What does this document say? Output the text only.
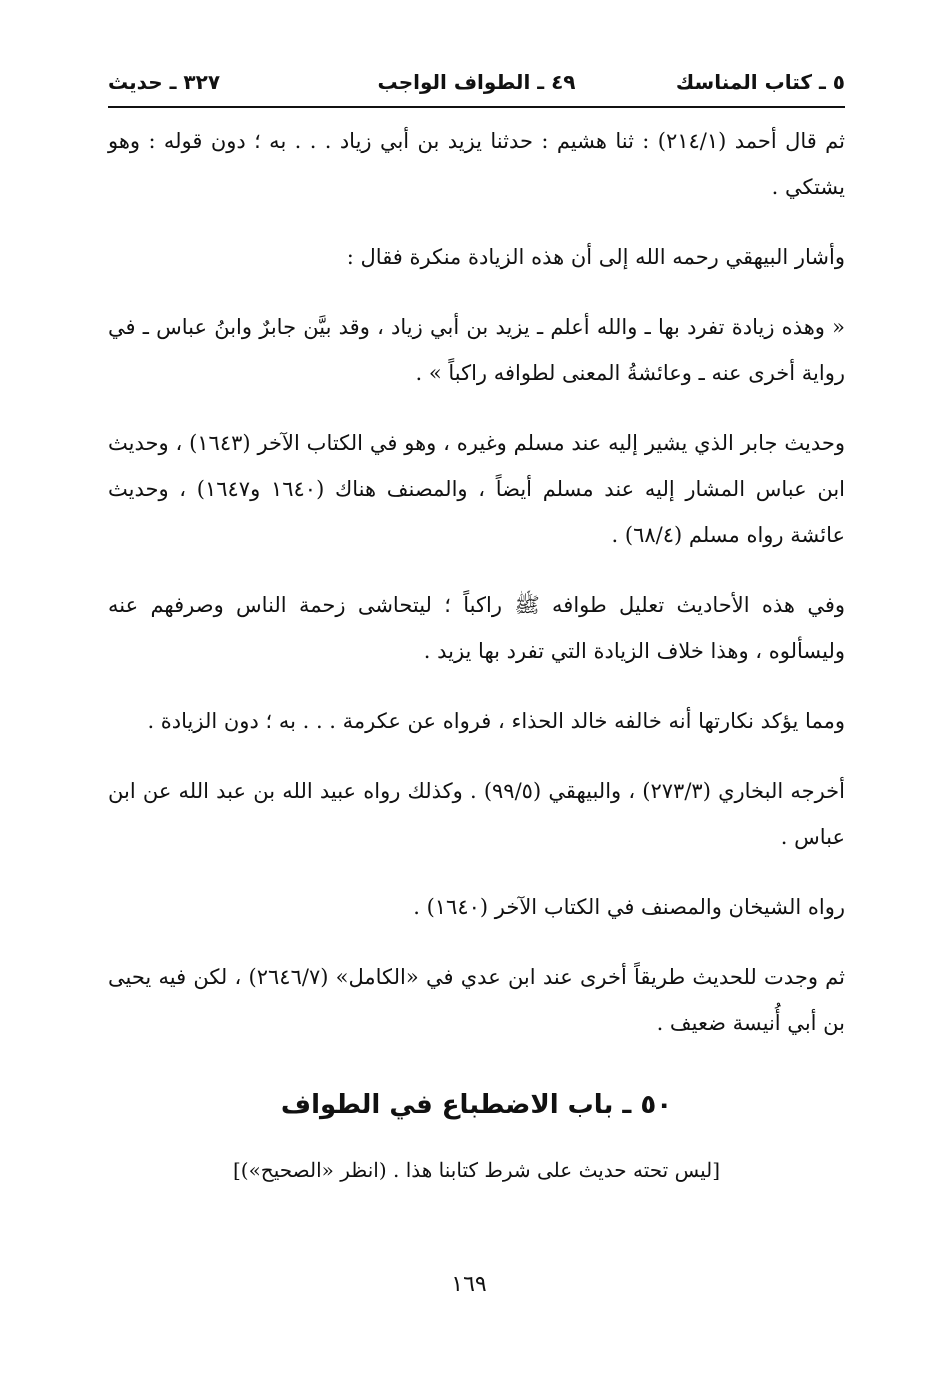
٥ ـ كتاب المناسك
٤٩ ـ الطواف الواجب
٣٢٧ ـ حديث

ثم قال أحمد (٢١٤/١) : ثنا هشيم : حدثنا يزيد بن أبي زياد . . . به ؛ دون قوله : وهو يشتكي .

وأشار البيهقي رحمه الله إلى أن هذه الزيادة منكرة فقال :

« وهذه زيادة تفرد بها ـ والله أعلم ـ يزيد بن أبي زياد ، وقد بيَّن جابرٌ وابنُ عباس ـ في رواية أخرى عنه ـ وعائشةُ المعنى لطوافه راكباً » .

وحديث جابر الذي يشير إليه عند مسلم وغيره ، وهو في الكتاب الآخر (١٦٤٣) ، وحديث ابن عباس المشار إليه عند مسلم أيضاً ، والمصنف هناك (١٦٤٠ و١٦٤٧) ، وحديث عائشة رواه مسلم (٦٨/٤) .

وفي هذه الأحاديث تعليل طوافه ﷺ راكباً ؛ ليتحاشى زحمة الناس وصرفهم عنه وليسألوه ، وهذا خلاف الزيادة التي تفرد بها يزيد .

ومما يؤكد نكارتها أنه خالفه خالد الحذاء ، فرواه عن عكرمة . . . به ؛ دون الزيادة .

أخرجه البخاري (٢٧٣/٣) ، والبيهقي (٩٩/٥) . وكذلك رواه عبيد الله بن عبد الله عن ابن عباس .

رواه الشيخان والمصنف في الكتاب الآخر (١٦٤٠) .

ثم وجدت للحديث طريقاً أخرى عند ابن عدي في «الكامل» (٢٦٤٦/٧) ، لكن فيه يحيى بن أبي أُنيسة ضعيف .

٥٠ ـ باب الاضطباع في الطواف
[ليس تحته حديث على شرط كتابنا هذا . (انظر «الصحيح»)]
١٦٩
